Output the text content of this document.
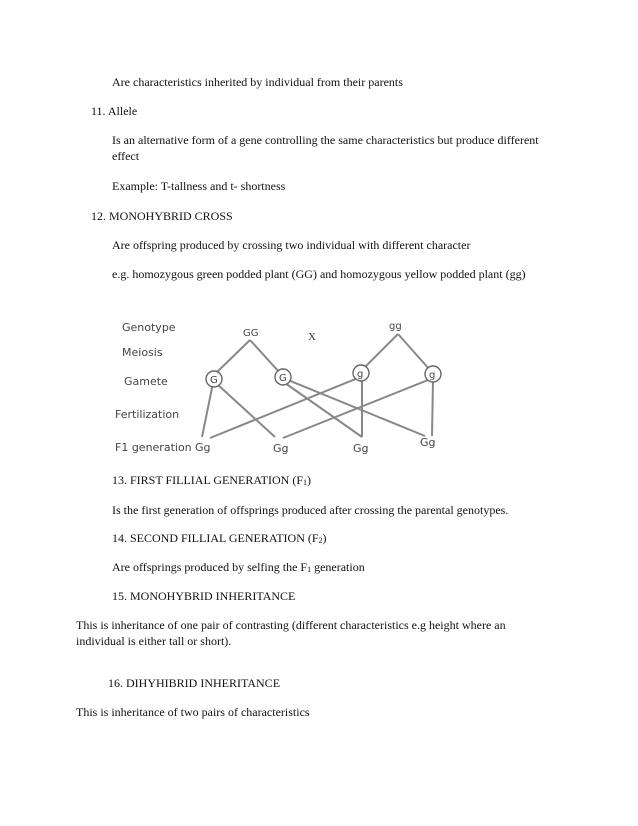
Are characteristics inherited by individual from their parents
11. Allele
Is an alternative form of a gene controlling the same characteristics but produce different effect
Example: T-tallness and t- shortness
12. MONOHYBRID CROSS
Are offspring produced by crossing two individual with different character
e.g. homozygous green podded plant (GG) and homozygous yellow podded plant (gg)
Genotype
Meiosis
Gamete
Fertilization
F1 generation
GG	X
gg
G	G	g	g
Gg	Gg	Gg	Gg
13. FIRST FILLIAL GENERATION $(F_1)$
Is the first generation of offsprings produced after crossing the parental genotypes.
14. SECOND FILLIAL GENERATION $(F_2)$
Are offsprings produced by selfing the $F_1$ generation
15. MONOHYBRID INHERITANCE
This is inheritance of one pair of contrasting (different characteristics e.g height where an individual is either tall or short).
16. DIHYHIBRID INHERITANCE
This is inheritance of two pairs of characteristics
